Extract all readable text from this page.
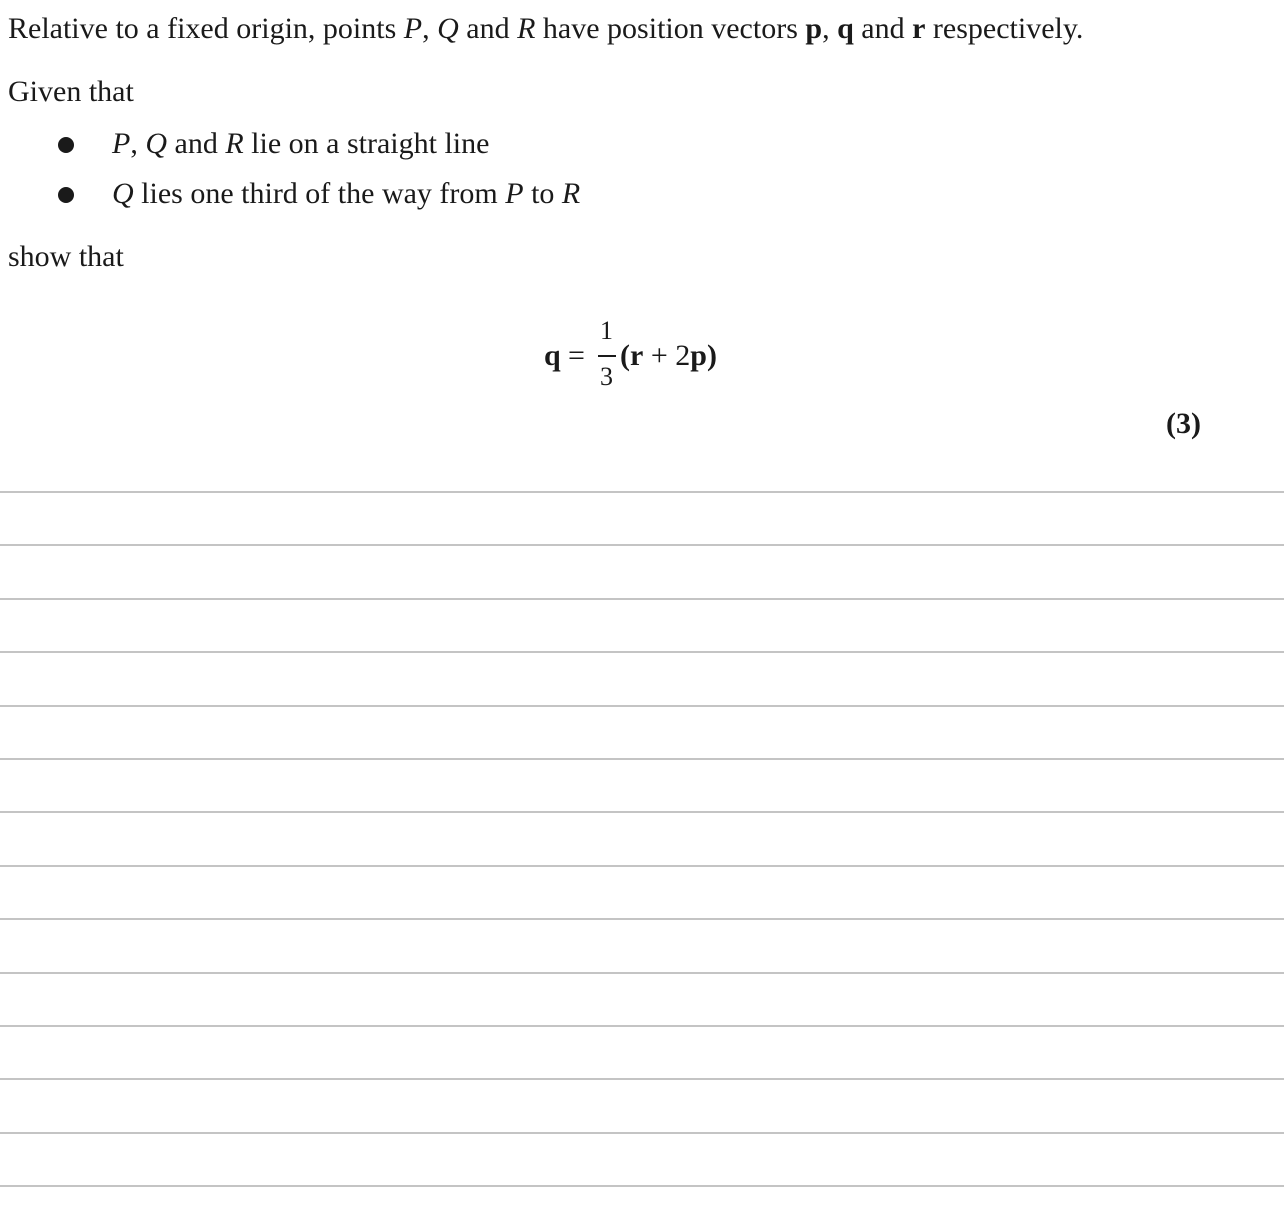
Relative to a fixed origin, points P, Q and R have position vectors p, q and r respectively.
Given that
P, Q and R lie on a straight line
Q lies one third of the way from P to R
show that
q =
1
3
(r + 2p)
(3)
